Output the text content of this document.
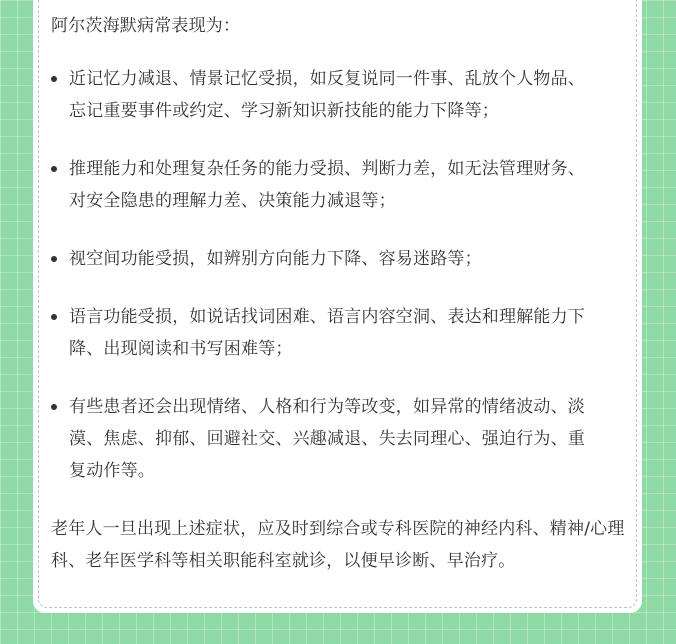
阿尔茨海默病常表现为：

近记忆力减退、情景记忆受损，如反复说同一件事、乱放个人物品、忘记重要事件或约定、学习新知识新技能的能力下降等；
推理能力和处理复杂任务的能力受损、判断力差，如无法管理财务、对安全隐患的理解力差、决策能力减退等；
视空间功能受损，如辨别方向能力下降、容易迷路等；
语言功能受损，如说话找词困难、语言内容空洞、表达和理解能力下降、出现阅读和书写困难等；
有些患者还会出现情绪、人格和行为等改变，如异常的情绪波动、淡漠、焦虑、抑郁、回避社交、兴趣减退、失去同理心、强迫行为、重复动作等。

老年人一旦出现上述症状，应及时到综合或专科医院的神经内科、精神/心理科、老年医学科等相关职能科室就诊，以便早诊断、早治疗。
